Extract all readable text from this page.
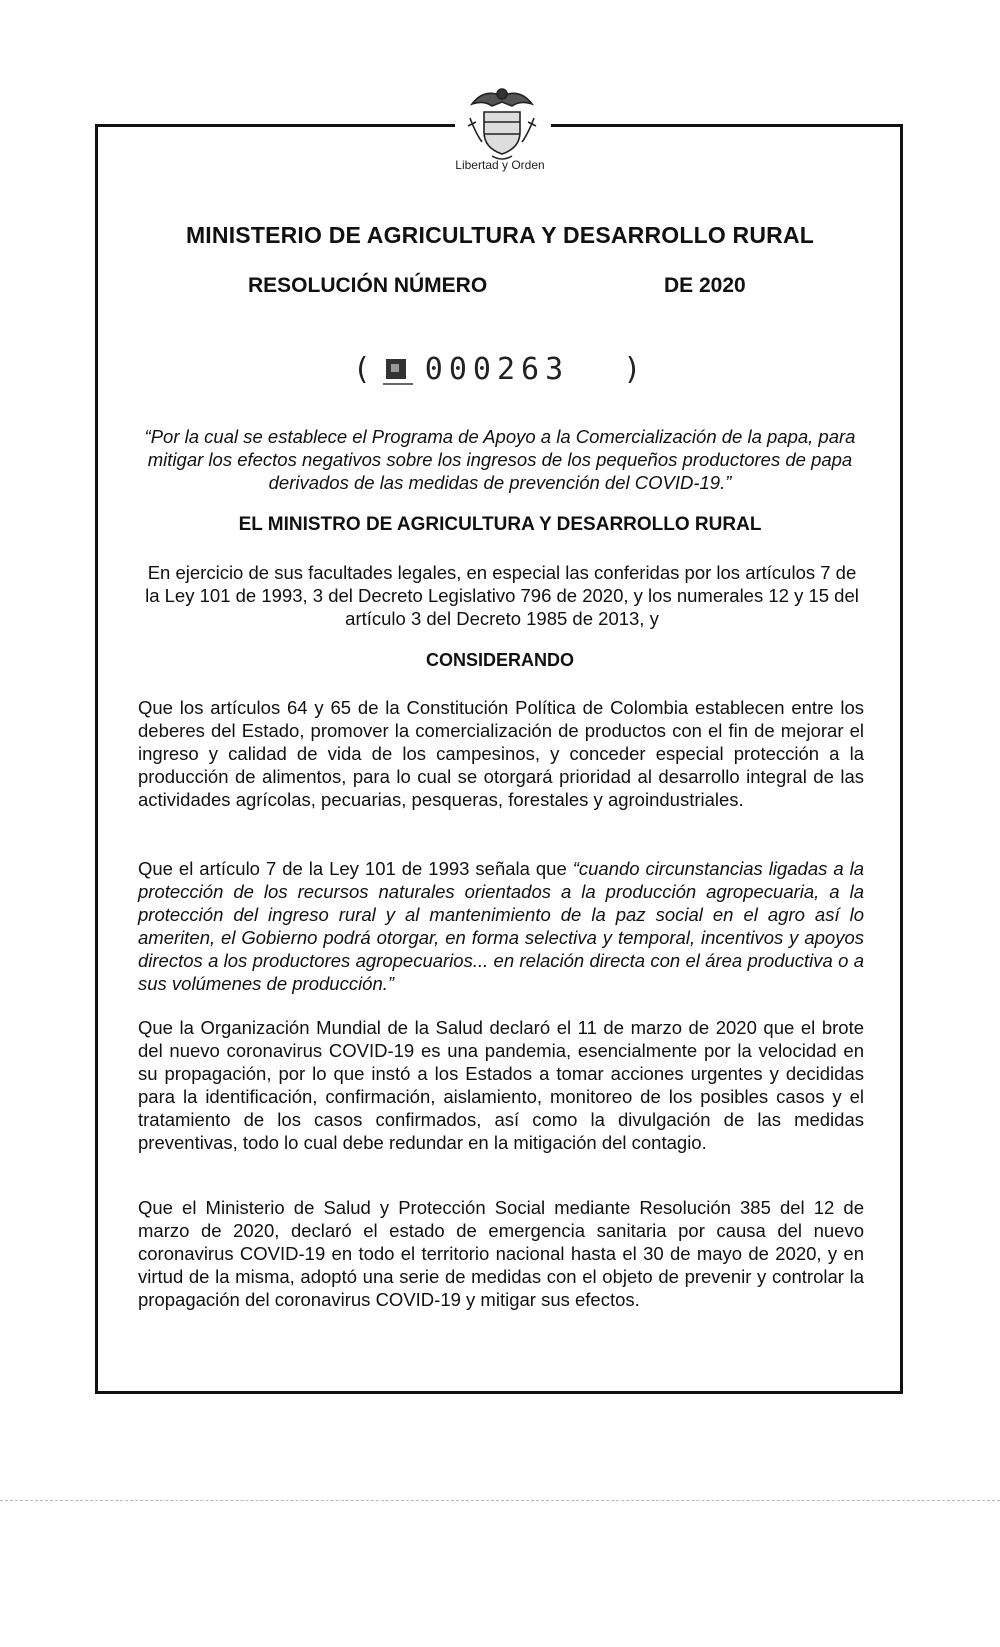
Libertad y Orden
MINISTERIO DE AGRICULTURA Y DESARROLLO RURAL
RESOLUCIÓN NÚMERO	DE 2020
( 000263 )
“Por la cual se establece el Programa de Apoyo a la Comercialización de la papa, para mitigar los efectos negativos sobre los ingresos de los pequeños productores de papa derivados de las medidas de prevención del COVID-19.”
EL MINISTRO DE AGRICULTURA Y DESARROLLO RURAL
En ejercicio de sus facultades legales, en especial las conferidas por los artículos 7 de la Ley 101 de 1993, 3 del Decreto Legislativo 796 de 2020, y los numerales 12 y 15 del artículo 3 del Decreto 1985 de 2013, y
CONSIDERANDO
Que los artículos 64 y 65 de la Constitución Política de Colombia establecen entre los deberes del Estado, promover la comercialización de productos con el fin de mejorar el ingreso y calidad de vida de los campesinos, y conceder especial protección a la producción de alimentos, para lo cual se otorgará prioridad al desarrollo integral de las actividades agrícolas, pecuarias, pesqueras, forestales y agroindustriales.
Que el artículo 7 de la Ley 101 de 1993 señala que “cuando circunstancias ligadas a la protección de los recursos naturales orientados a la producción agropecuaria, a la protección del ingreso rural y al mantenimiento de la paz social en el agro así lo ameriten, el Gobierno podrá otorgar, en forma selectiva y temporal, incentivos y apoyos directos a los productores agropecuarios... en relación directa con el área productiva o a sus volúmenes de producción.”
Que la Organización Mundial de la Salud declaró el 11 de marzo de 2020 que el brote del nuevo coronavirus COVID-19 es una pandemia, esencialmente por la velocidad en su propagación, por lo que instó a los Estados a tomar acciones urgentes y decididas para la identificación, confirmación, aislamiento, monitoreo de los posibles casos y el tratamiento de los casos confirmados, así como la divulgación de las medidas preventivas, todo lo cual debe redundar en la mitigación del contagio.
Que el Ministerio de Salud y Protección Social mediante Resolución 385 del 12 de marzo de 2020, declaró el estado de emergencia sanitaria por causa del nuevo coronavirus COVID-19 en todo el territorio nacional hasta el 30 de mayo de 2020, y en virtud de la misma, adoptó una serie de medidas con el objeto de prevenir y controlar la propagación del coronavirus COVID-19 y mitigar sus efectos.
